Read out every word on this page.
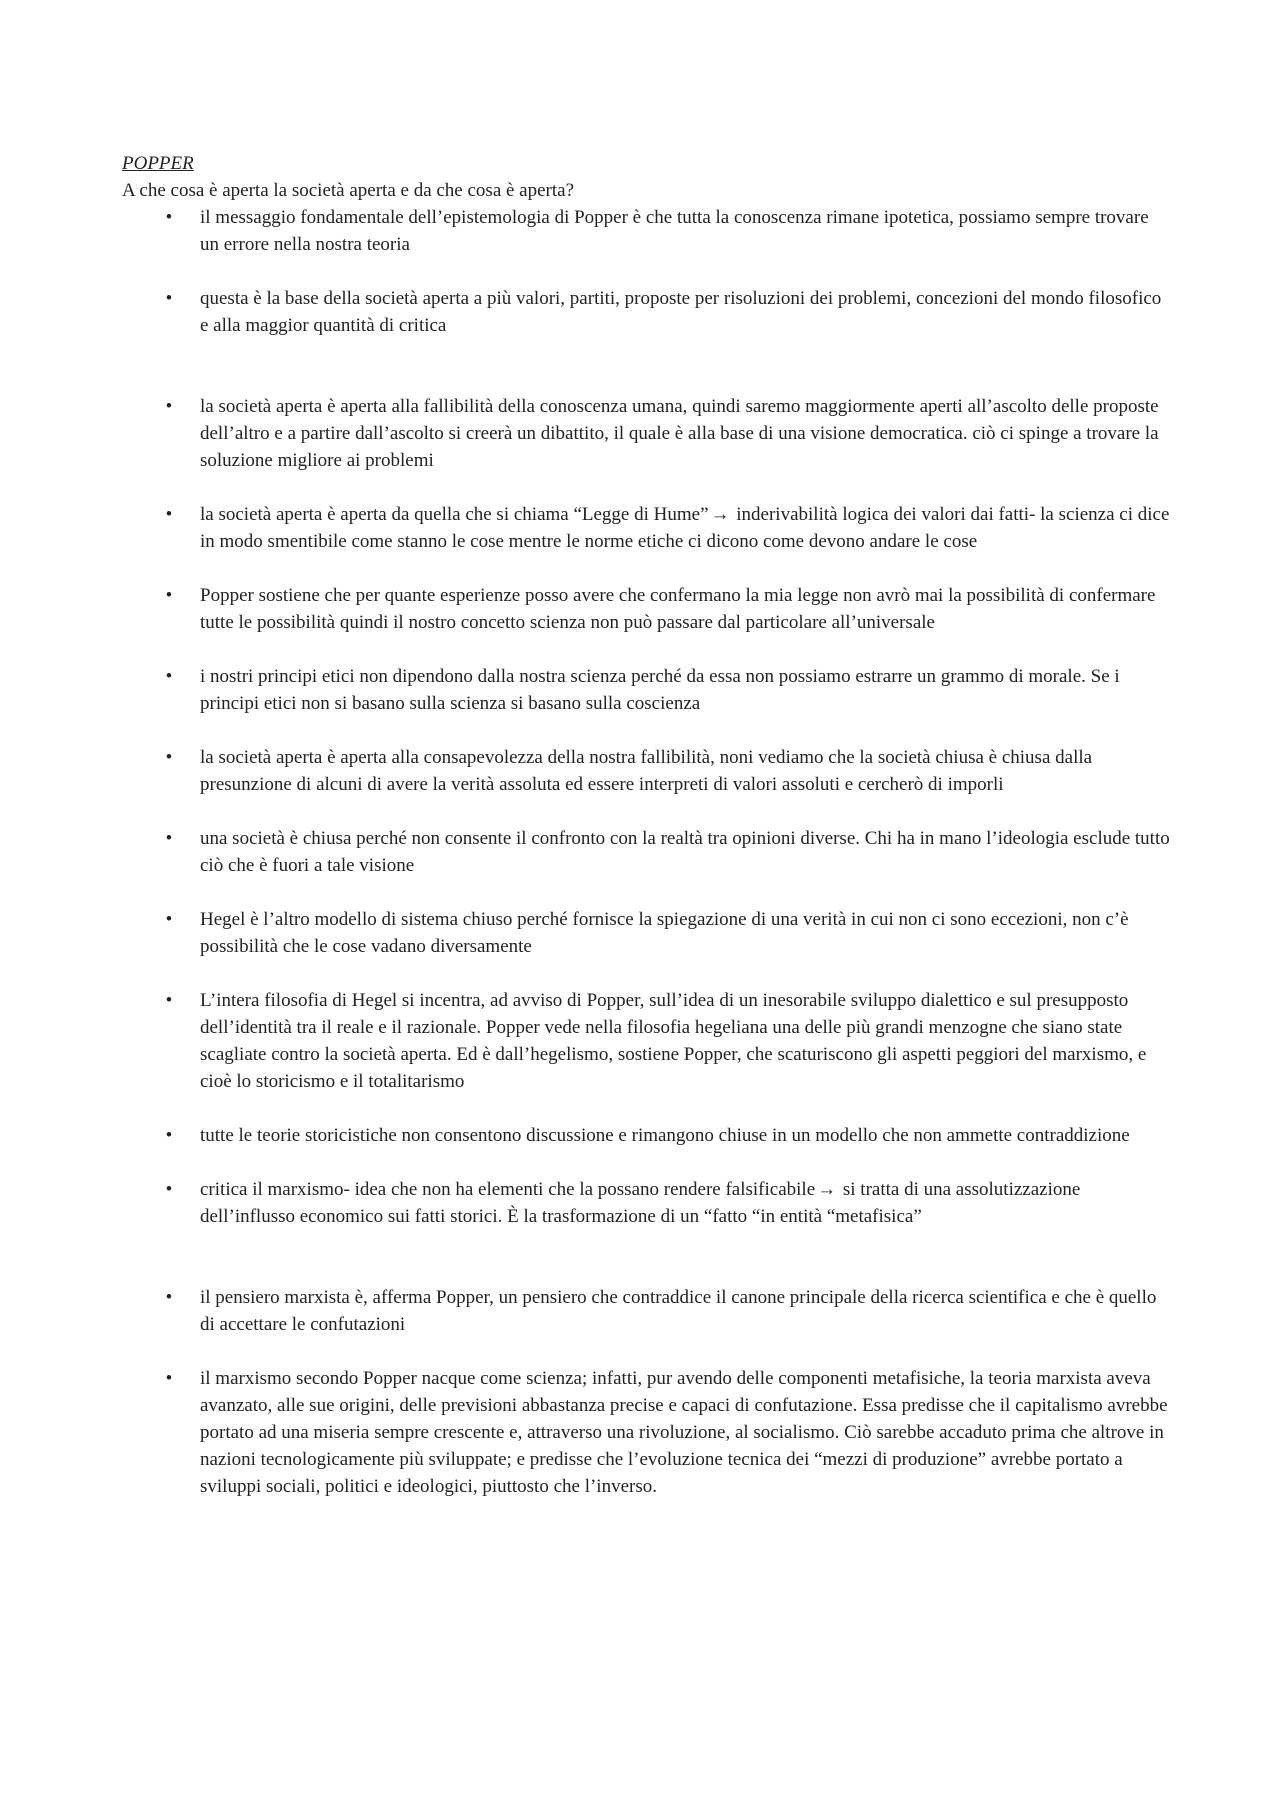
POPPER

A che cosa è aperta la società aperta e da che cosa è aperta?

• il messaggio fondamentale dell’epistemologia di Popper è che tutta la conoscenza rimane ipotetica, possiamo sempre trovare un errore nella nostra teoria
• questa è la base della società aperta a più valori, partiti, proposte per risoluzioni dei problemi, concezioni del mondo filosofico e alla maggior quantità di critica
• la società aperta è aperta alla fallibilità della conoscenza umana, quindi saremo maggiormente aperti all’ascolto delle proposte dell’altro e a partire dall’ascolto si creerà un dibattito, il quale è alla base di una visione democratica. ciò ci spinge a trovare la soluzione migliore ai problemi
• la società aperta è aperta da quella che si chiama “Legge di Hume” → inderivabilità logica dei valori dai fatti- la scienza ci dice in modo smentibile come stanno le cose mentre le norme etiche ci dicono come devono andare le cose
• Popper sostiene che per quante esperienze posso avere che confermano la mia legge non avrò mai la possibilità di confermare tutte le possibilità quindi il nostro concetto scienza non può passare dal particolare all’universale
• i nostri principi etici non dipendono dalla nostra scienza perché da essa non possiamo estrarre un grammo di morale. Se i principi etici non si basano sulla scienza si basano sulla coscienza
• la società aperta è aperta alla consapevolezza della nostra fallibilità, noni vediamo che la società chiusa è chiusa dalla presunzione di alcuni di avere la verità assoluta ed essere interpreti di valori assoluti e cercherò di imporli
• una società è chiusa perché non consente il confronto con la realtà tra opinioni diverse. Chi ha in mano l’ideologia esclude tutto ciò che è fuori a tale visione
• Hegel è l’altro modello di sistema chiuso perché fornisce la spiegazione di una verità in cui non ci sono eccezioni, non c’è possibilità che le cose vadano diversamente
• L’intera filosofia di Hegel si incentra, ad avviso di Popper, sull’idea di un inesorabile sviluppo dialettico e sul presupposto dell’identità tra il reale e il razionale. Popper vede nella filosofia hegeliana una delle più grandi menzogne che siano state scagliate contro la società aperta. Ed è dall’hegelismo, sostiene Popper, che scaturiscono gli aspetti peggiori del marxismo, e cioè lo storicismo e il totalitarismo
• tutte le teorie storicistiche non consentono discussione e rimangono chiuse in un modello che non ammette contraddizione
• critica il marxismo- idea che non ha elementi che la possano rendere falsificabile → si tratta di una assolutizzazione dell’influsso economico sui fatti storici. È la trasformazione di un “fatto “in entità “metafisica”
• il pensiero marxista è, afferma Popper, un pensiero che contraddice il canone principale della ricerca scientifica e che è quello di accettare le confutazioni
• il marxismo secondo Popper nacque come scienza; infatti, pur avendo delle componenti metafisiche, la teoria marxista aveva avanzato, alle sue origini, delle previsioni abbastanza precise e capaci di confutazione. Essa predisse che il capitalismo avrebbe portato ad una miseria sempre crescente e, attraverso una rivoluzione, al socialismo. Ciò sarebbe accaduto prima che altrove in nazioni tecnologicamente più sviluppate; e predisse che l’evoluzione tecnica dei “mezzi di produzione” avrebbe portato a sviluppi sociali, politici e ideologici, piuttosto che l’inverso.
